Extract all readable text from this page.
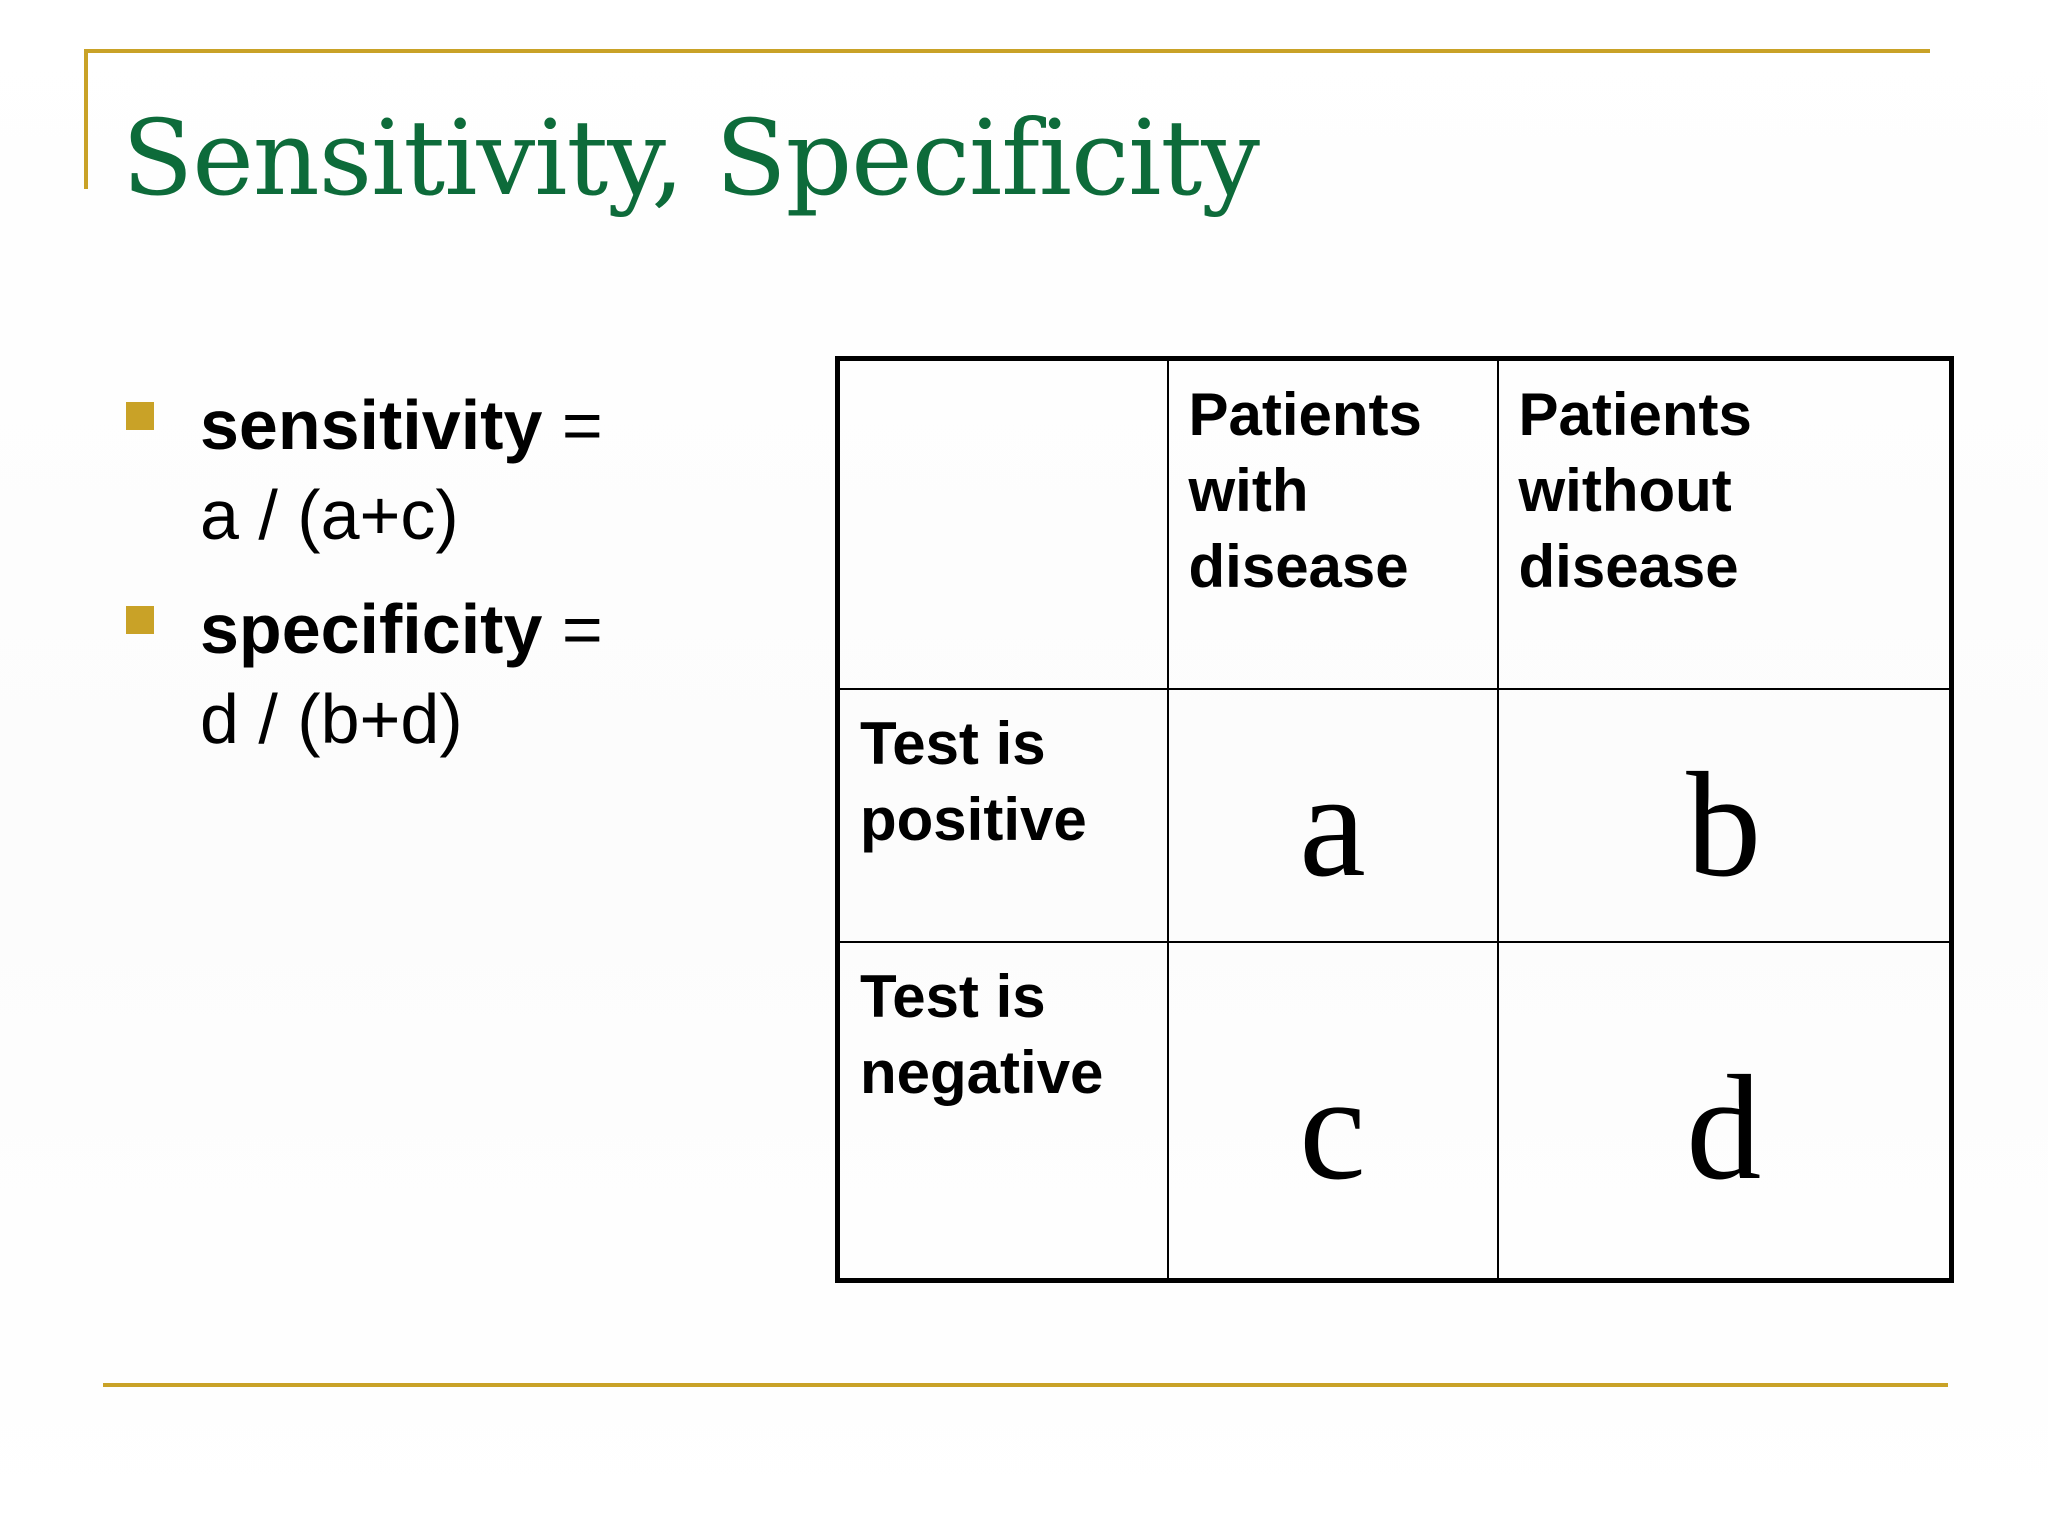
Sensitivity, Specificity
sensitivity =
a / (a+c)
specificity =
d / (b+d)

	Patients with disease	Patients without disease

Test is positive	a	b

Test is negative	c	d
